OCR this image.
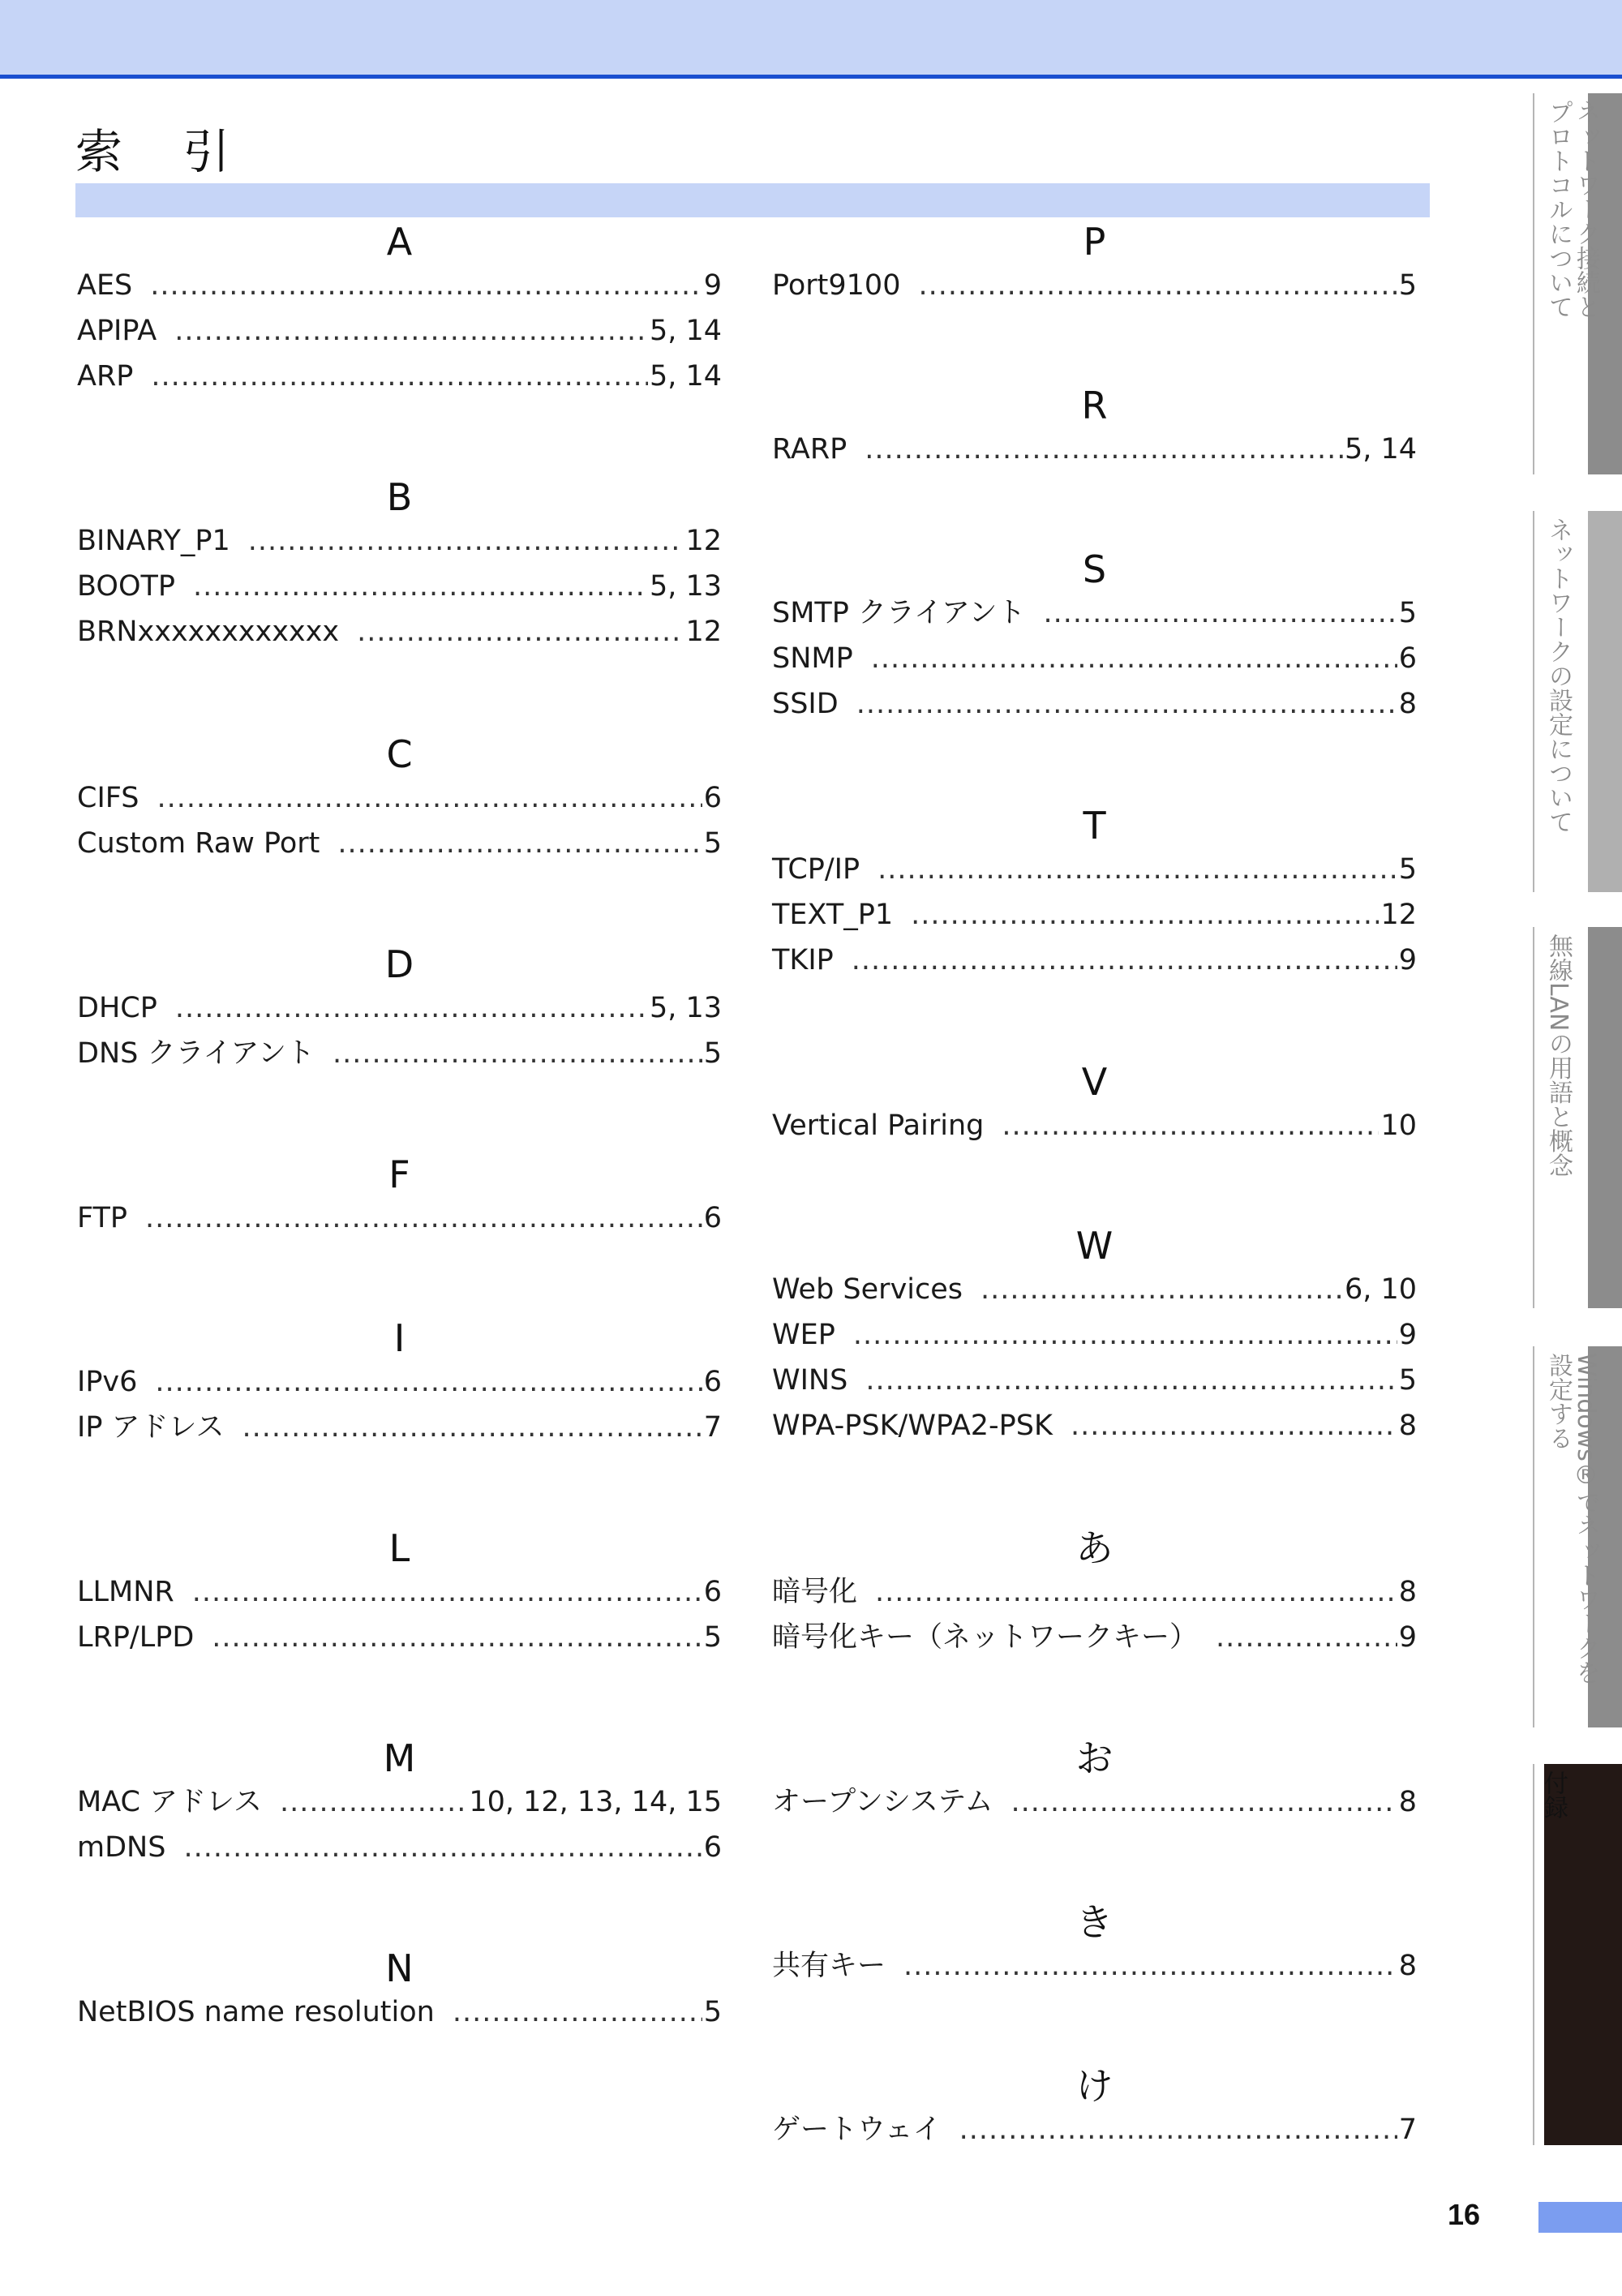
索 引
A
AES .....	9
APIPA .....	5, 14
ARP .....	5, 14
B
BINARY_P1 .....	12
BOOTP .....	5, 13
BRNxxxxxxxxxxxx .....	12
C
CIFS .....	6
Custom Raw Port .....	5
D
DHCP .....	5, 13
DNS クライアント .....	5
F
FTP .....	6
I
IPv6 .....	6
IP アドレス .....	7
L
LLMNR .....	6
LRP/LPD .....	5
M
MAC アドレス .....	10, 12, 13, 14, 15
mDNS .....	6
N
NetBIOS name resolution .....	5
P
Port9100 .....	5
R
RARP .....	5, 14
S
SMTP クライアント .....	5
SNMP .....	6
SSID .....	8
T
TCP/IP .....	5
TEXT_P1 .....	12
TKIP .....	9
V
Vertical Pairing .....	10
W
Web Services .....	6, 10
WEP .....	9
WINS .....	5
WPA-PSK/WPA2-PSK .....	8
あ
暗号化 .....	8
暗号化キー（ネットワークキー） .....	9
お
オープンシステム .....	8
き
共有キー .....	8
け
ゲートウェイ .....	7
ネットワーク接続と
プロトコルについて
ネットワークの設定について
無線LANの用語と概念
Windows®でネットワークを
設定する
付録
16
